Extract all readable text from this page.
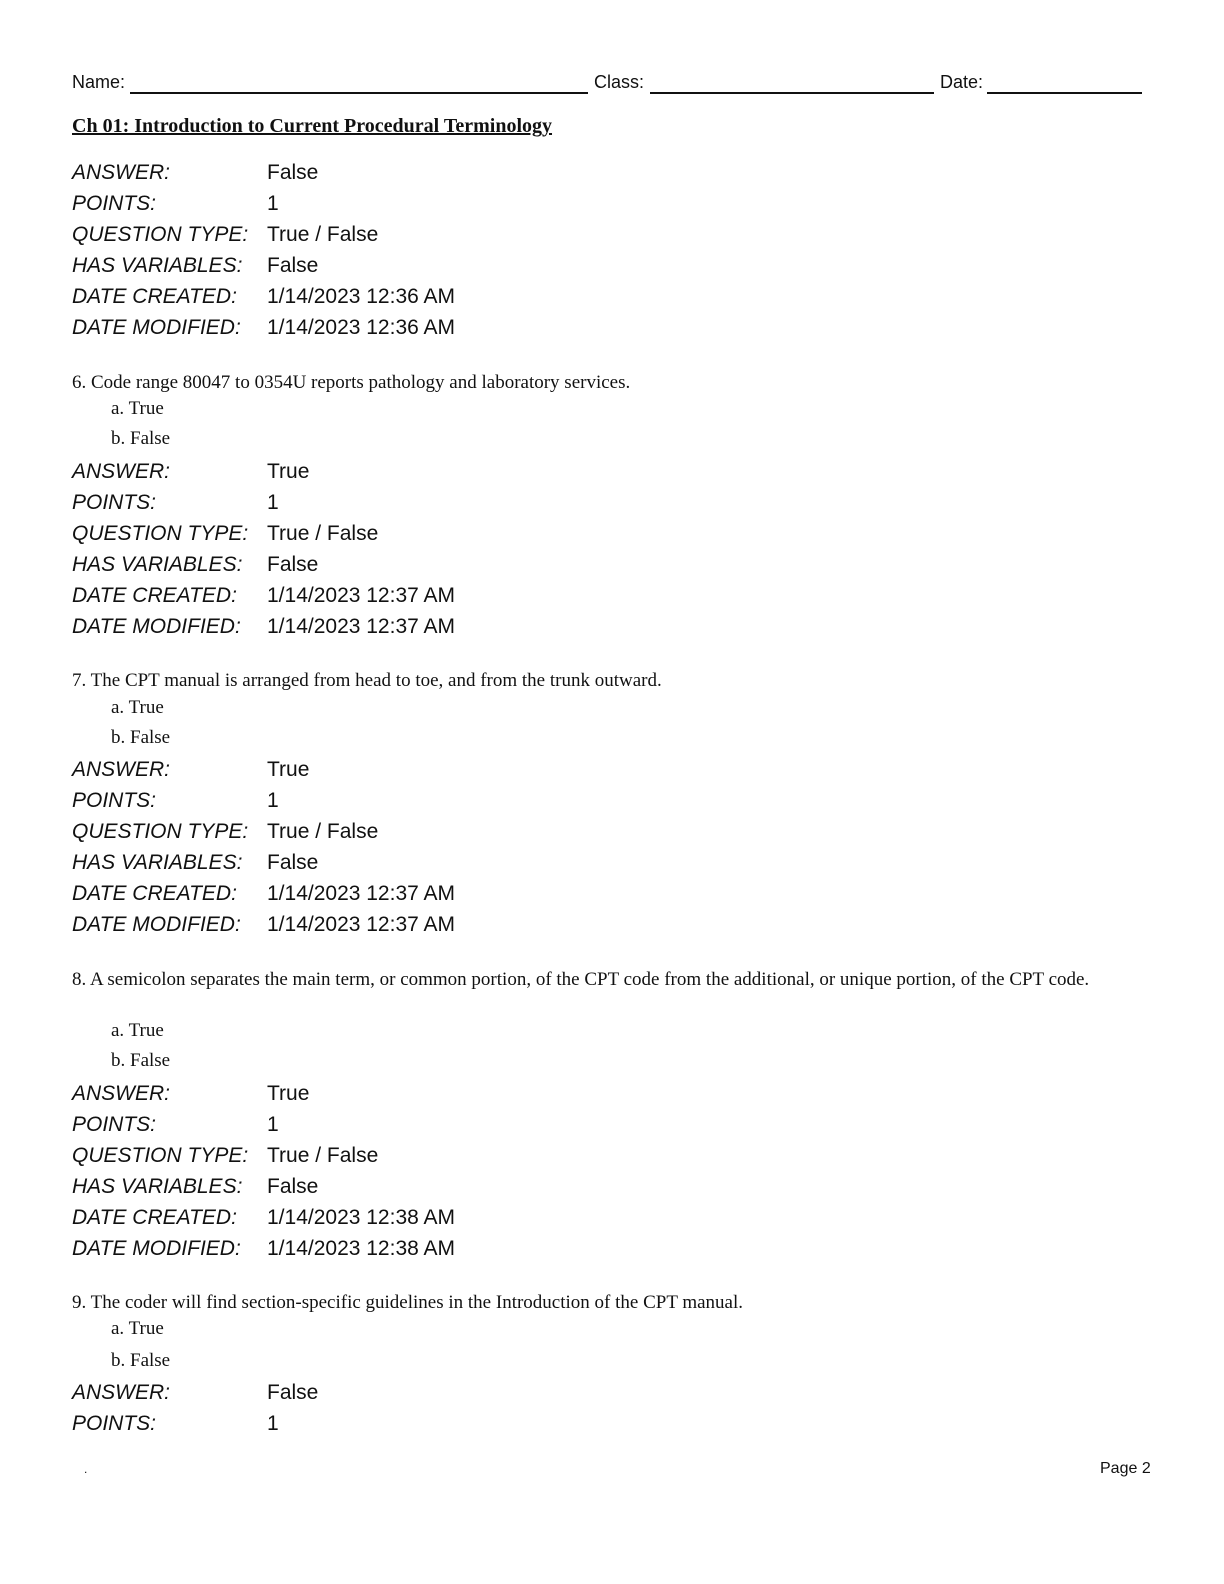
Name:	Class:	Date:
Ch 01: Introduction to Current Procedural Terminology
ANSWER:	False
POINTS:	1
QUESTION TYPE: True / False
HAS VARIABLES:	False
DATE CREATED:	1/14/2023 12:36 AM
DATE MODIFIED:	1/14/2023 12:36 AM
6. Code range 80047 to 0354U reports pathology and laboratory services.
a. True
b. False
ANSWER:	True
POINTS:	1
QUESTION TYPE: True / False
HAS VARIABLES:	False
DATE CREATED:	1/14/2023 12:37 AM
DATE MODIFIED:	1/14/2023 12:37 AM
7. The CPT manual is arranged from head to toe, and from the trunk outward.
a. True
b. False
ANSWER:	True
POINTS:	1
QUESTION TYPE: True / False
HAS VARIABLES:	False
DATE CREATED:	1/14/2023 12:37 AM
DATE MODIFIED:	1/14/2023 12:37 AM
8. A semicolon separates the main term, or common portion, of the CPT code from the additional, or unique portion, of the CPT code.
a. True
b. False
ANSWER:	True
POINTS:	1
QUESTION TYPE: True / False
HAS VARIABLES:	False
DATE CREATED:	1/14/2023 12:38 AM
DATE MODIFIED:	1/14/2023 12:38 AM
9. The coder will find section-specific guidelines in the Introduction of the CPT manual.
a. True
b. False
ANSWER:	False
POINTS:	1
.	Page 2
